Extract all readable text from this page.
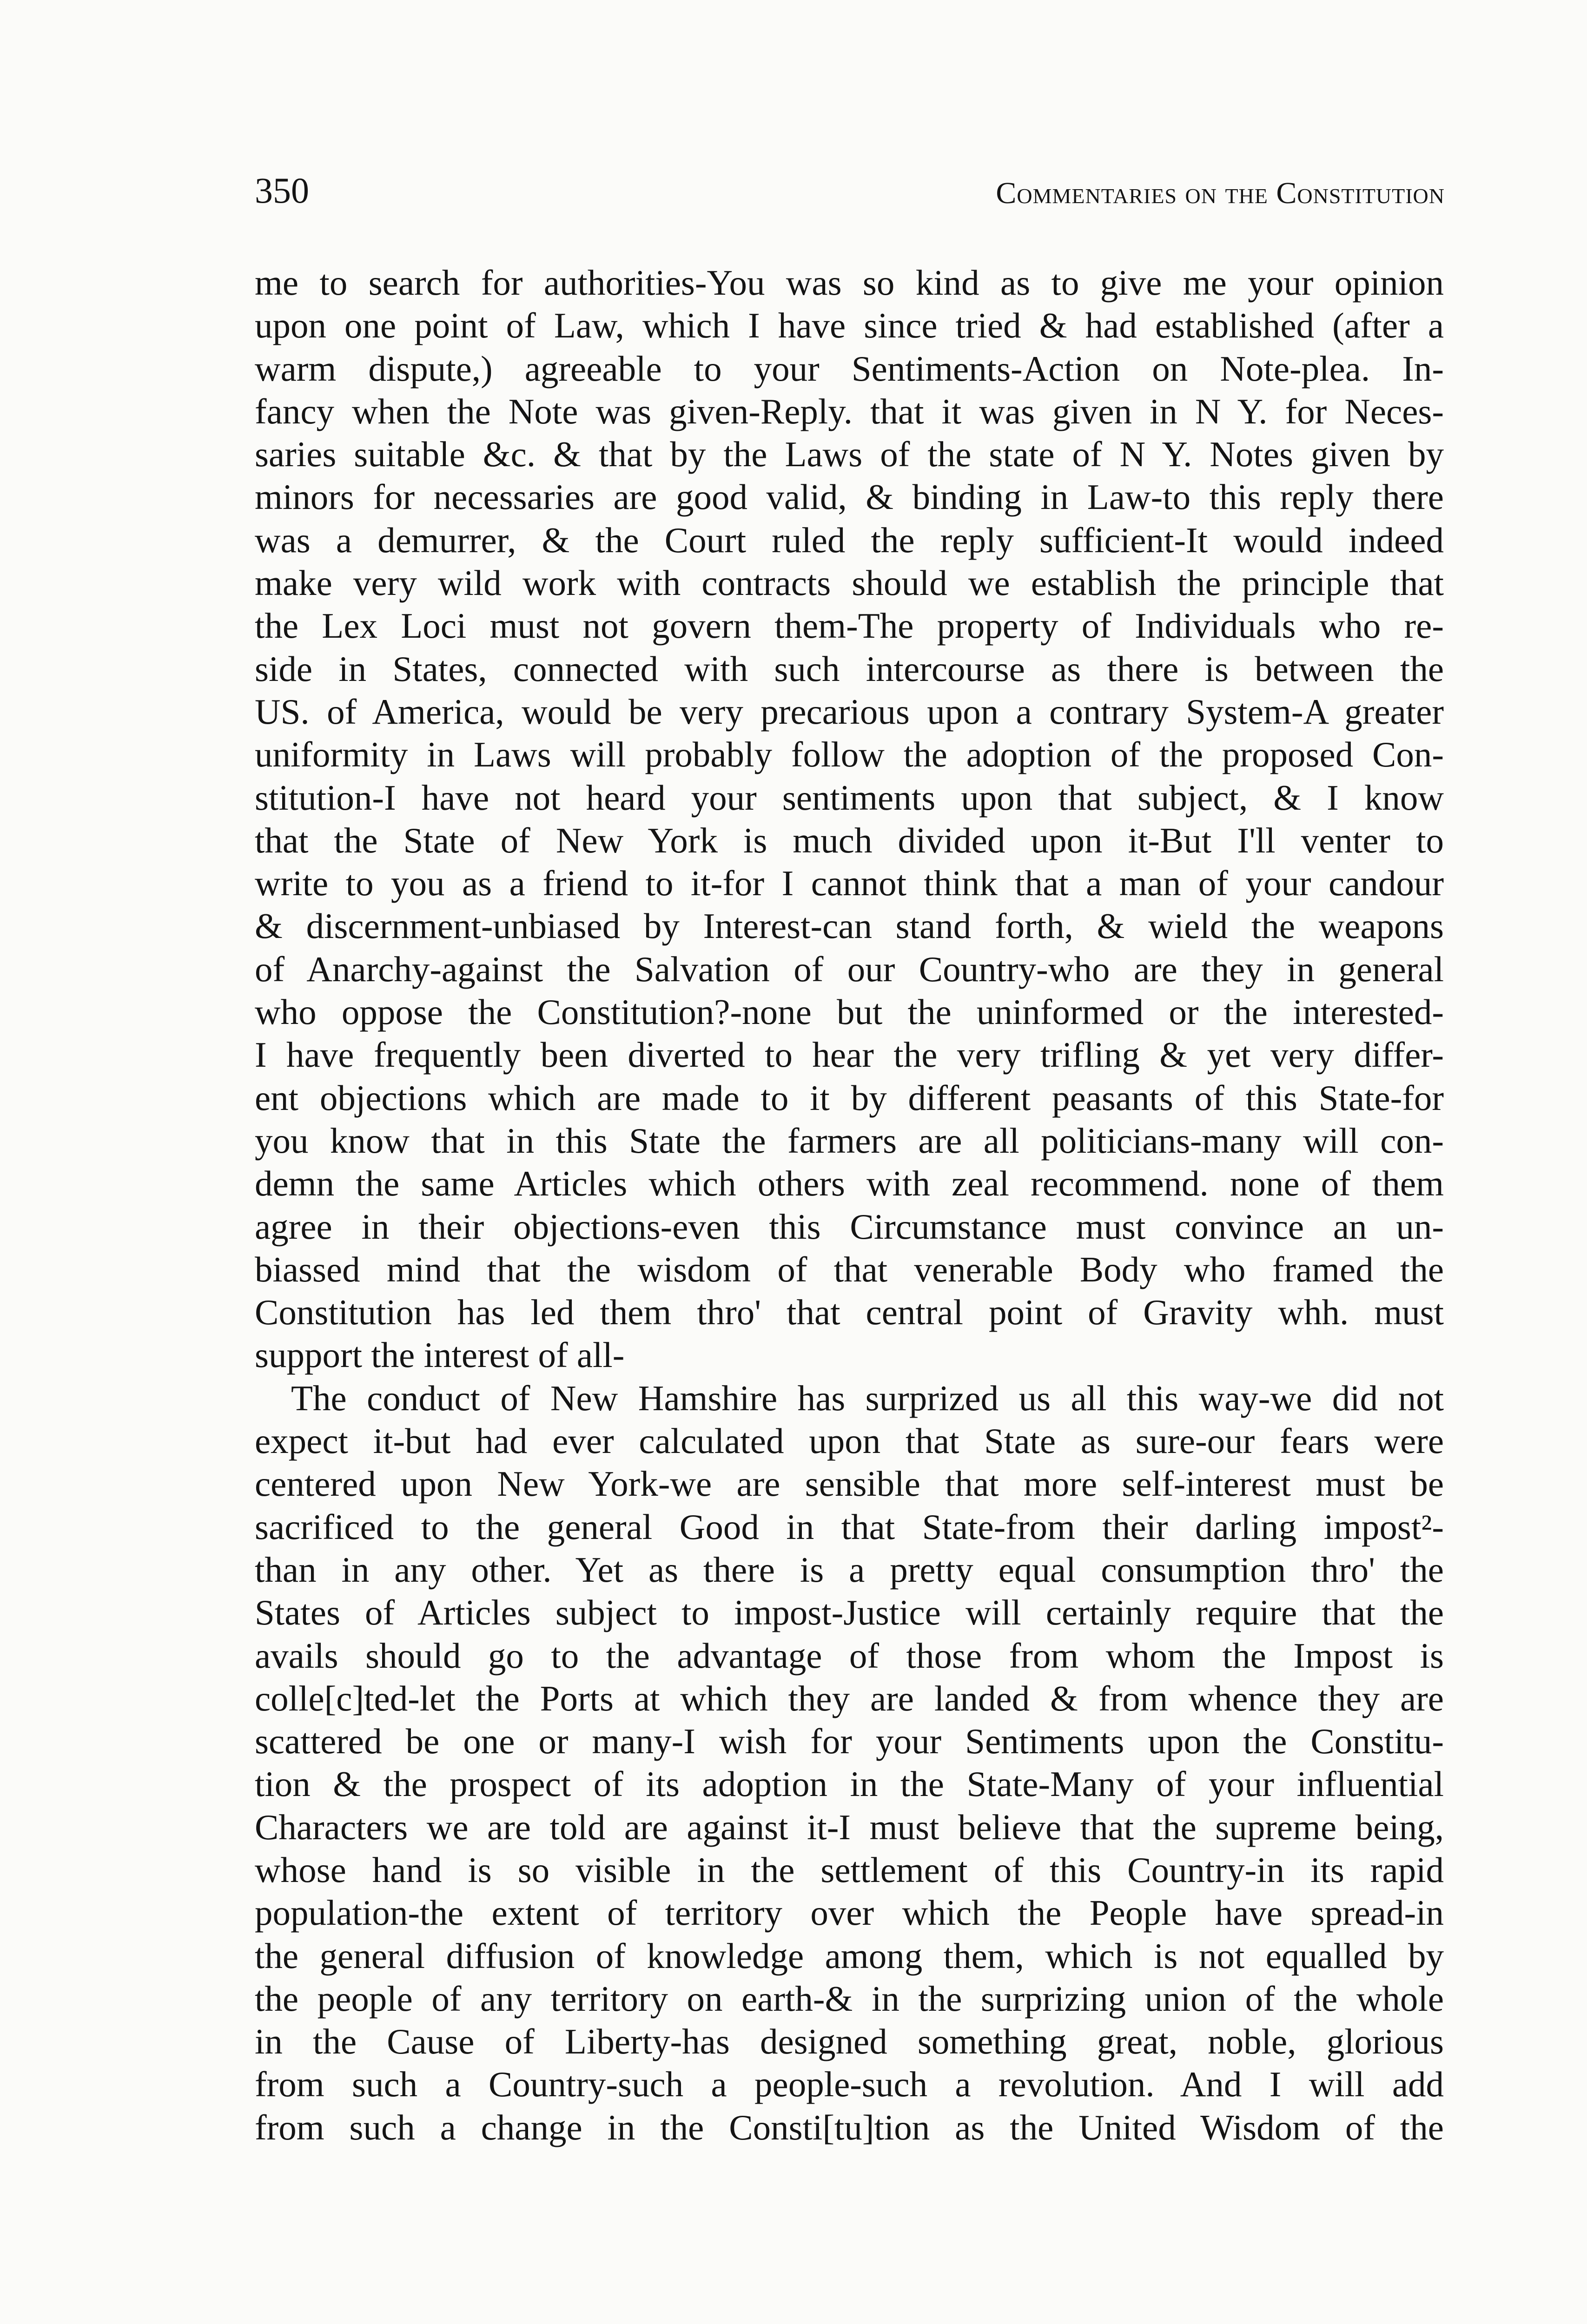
350	Commentaries on the Constitution
me to search for authorities-You was so kind as to give me your opinion
upon one point of Law, which I have since tried & had established (after a
warm dispute,) agreeable to your Sentiments-Action on Note-plea. In-
fancy when the Note was given-Reply. that it was given in N Y. for Neces-
saries suitable &c. & that by the Laws of the state of N Y. Notes given by
minors for necessaries are good valid, & binding in Law-to this reply there
was a demurrer, & the Court ruled the reply sufficient-It would indeed
make very wild work with contracts should we establish the principle that
the Lex Loci must not govern them-The property of Individuals who re-
side in States, connected with such intercourse as there is between the
US. of America, would be very precarious upon a contrary System-A greater
uniformity in Laws will probably follow the adoption of the proposed Con-
stitution-I have not heard your sentiments upon that subject, & I know
that the State of New York is much divided upon it-But I'll venter to
write to you as a friend to it-for I cannot think that a man of your candour
& discernment-unbiased by Interest-can stand forth, & wield the weapons
of Anarchy-against the Salvation of our Country-who are they in general
who oppose the Constitution?-none but the uninformed or the interested-
I have frequently been diverted to hear the very trifling & yet very differ-
ent objections which are made to it by different peasants of this State-for
you know that in this State the farmers are all politicians-many will con-
demn the same Articles which others with zeal recommend. none of them
agree in their objections-even this Circumstance must convince an un-
biassed mind that the wisdom of that venerable Body who framed the
Constitution has led them thro' that central point of Gravity whh. must
support the interest of all-
The conduct of New Hamshire has surprized us all this way-we did not
expect it-but had ever calculated upon that State as sure-our fears were
centered upon New York-we are sensible that more self-interest must be
sacrificed to the general Good in that State-from their darling impost²-
than in any other. Yet as there is a pretty equal consumption thro' the
States of Articles subject to impost-Justice will certainly require that the
avails should go to the advantage of those from whom the Impost is
colle[c]ted-let the Ports at which they are landed & from whence they are
scattered be one or many-I wish for your Sentiments upon the Constitu-
tion & the prospect of its adoption in the State-Many of your influential
Characters we are told are against it-I must believe that the supreme being,
whose hand is so visible in the settlement of this Country-in its rapid
population-the extent of territory over which the People have spread-in
the general diffusion of knowledge among them, which is not equalled by
the people of any territory on earth-& in the surprizing union of the whole
in the Cause of Liberty-has designed something great, noble, glorious
from such a Country-such a people-such a revolution. And I will add
from such a change in the Consti[tu]tion as the United Wisdom of the
